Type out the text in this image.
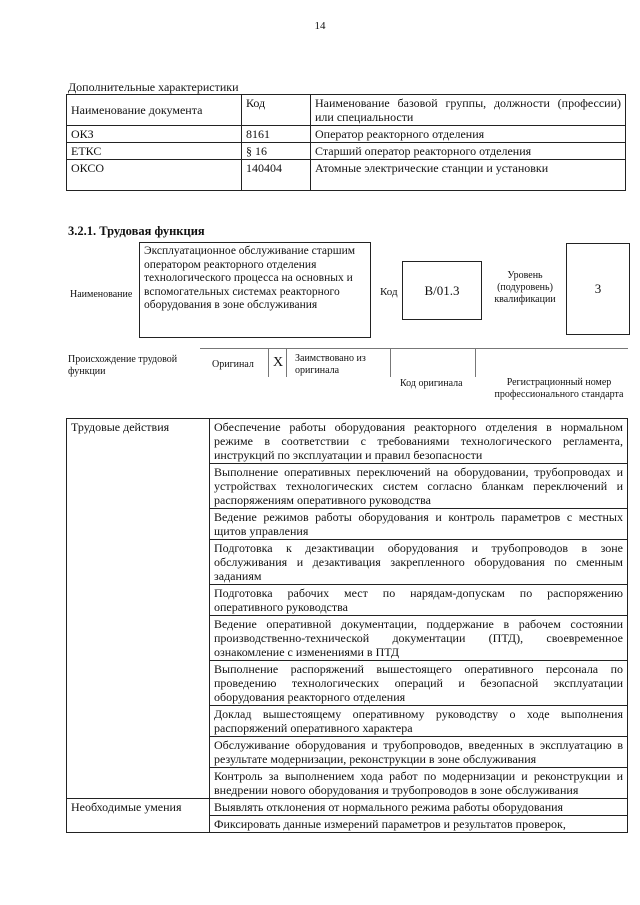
14
Дополнительные характеристики
Наименование документа	Код	Наименование базовой группы, должности (профессии) или специальности
ОКЗ	8161	Оператор реакторного отделения
ЕТКС	§ 16	Старший оператор реакторного отделения
ОКСО	140404	Атомные электрические станции и установки
3.2.1. Трудовая функция
Наименование
Эксплуатационное обслуживание старшим оператором реакторного отделения технологического процесса на основных и вспомогательных системах реакторного оборудования в зоне обслуживания
Код	B/01.3
Уровень (подуровень) квалификации
3
Происхождение трудовой функции
Оригинал X Заимствовано из оригинала
Код оригинала	Регистрационный номер профессионального стандарта
Трудовые действия	Обеспечение работы оборудования реакторного отделения в нормальном режиме в соответствии с требованиями технологического регламента, инструкций по эксплуатации и правил безопасности
	Выполнение оперативных переключений на оборудовании, трубопроводах и устройствах технологических систем согласно бланкам переключений и распоряжениям оперативного руководства
	Ведение режимов работы оборудования и контроль параметров с местных щитов управления
	Подготовка к дезактивации оборудования и трубопроводов в зоне обслуживания и дезактивация закрепленного оборудования по сменным заданиям
	Подготовка рабочих мест по нарядам-допускам по распоряжению оперативного руководства
	Ведение оперативной документации, поддержание в рабочем состоянии производственно-технической документации (ПТД), своевременное ознакомление с изменениями в ПТД
	Выполнение распоряжений вышестоящего оперативного персонала по проведению технологических операций и безопасной эксплуатации оборудования реакторного отделения
	Доклад вышестоящему оперативному руководству о ходе выполнения распоряжений оперативного характера
	Обслуживание оборудования и трубопроводов, введенных в эксплуатацию в результате модернизации, реконструкции в зоне обслуживания
	Контроль за выполнением хода работ по модернизации и реконструкции и внедрении нового оборудования и трубопроводов в зоне обслуживания
Необходимые умения	Выявлять отклонения от нормального режима работы оборудования
	Фиксировать данные измерений параметров и результатов проверок,
